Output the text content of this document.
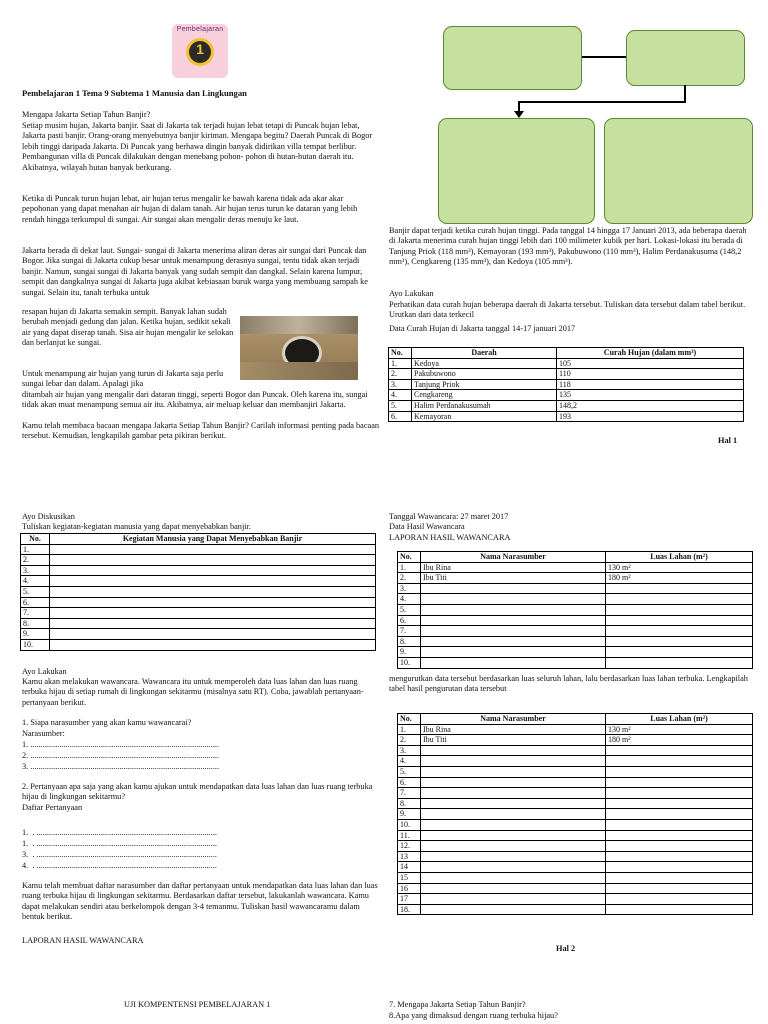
1
Pembelajaran

Pembelajaran 1 Tema 9 Subtema 1 Manusia dan Lingkungan

Mengapa Jakarta Setiap Tahun Banjir?

Setiap musim hujan, Jakarta banjir. Saat di Jakarta tak terjadi hujan lebat tetapi di Puncak hujan lebat, Jakarta pasti banjir. Orang-orang menyebutnya banjir kiriman. Mengapa begitu? Daerah Puncak di Bogor lebih tinggi daripada Jakarta. Di Puncak yang berhawa dingin banyak didirikan villa tempat berlibur. Pembangunan villa di Puncak dilakukan dengan menebang pohon- pohon di hutan-hutan daerah itu. Akibatnya, wilayah hutan banyak berkurang.

Ketika di Puncak turun hujan lebat, air hujan terus mengalir ke bawah karena tidak ada akar akar pepohonan yang dapat menahan air hujan di dalam tanah. Air hujan terus turun ke dataran yang lebih rendah hingga terkumpul di sungai. Air sungai akan mengalir deras menuju ke laut.

Jakarta berada di dekat laut. Sungai- sungai di Jakarta menerima aliran deras air sungai dari Puncak dan Bogor. Jika sungai di Jakarta cukup besar untuk menampung derasnya sungai, tentu tidak akan terjadi banjir. Namun, sungai sungai di Jakarta banyak yang sudah sempit dan dangkal. Selain karena lumpur, sempit dan dangkalnya sungai di Jakarta juga akibat kebiasaan buruk warga yang membuang sampah ke sungai. Selain itu, tanah terbuka untuk

resapan hujan di Jakarta semakin sempit. Banyak lahan sudah berubah menjadi gedung dan jalan. Ketika hujan, sedikit sekali air yang dapat diserap tanah. Sisa air hujan mengalir ke selokan dan berlanjut ke sungai.

Untuk menampung air hujan yang turun di Jakarta saja perlu sungai lebar dan dalam. Apalagi jika

ditambah air hujan yang mengalir dari dataran tinggi, seperti Bogor dan Puncak. Oleh karena itu, sungai tidak akan muat menampung semua air itu. Akibatnya, air meluap keluar dan membanjiri Jakarta.

Kamu telah membaca bacaan mengapa Jakarta Setiap Tahun Banjir? Carilah informasi penting pada bacaan tersebut. Kemudian, lengkapilah gambar peta pikiran berikut.

Banjir dapat terjadi ketika curah hujan tinggi. Pada tanggal 14 hingga 17 Januari 2013, ada beberapa daerah di Jakarta menerima curah hujan tinggi lebih dari 100 milimeter kubik per hari. Lokasi-lokasi itu berada di Tanjung Priok (118 mm³), Kemayoran (193 mm³), Pakubuwono (110 mm³), Halim Perdanakusuma (148,2 mm³), Cengkareng (135 mm³), dan Kedoya (105 mm³).

Ayo Lakukan

Perhatikan data curah hujan beberapa daerah di Jakarta tersebut. Tuliskan data tersebut dalam tabel berikut. Urutkan dari data terkecil

Data Curah Hujan di Jakarta tanggal 14-17 januari 2017

No.	Daerah	Curah Hujan (dalam mm³)
1.	Kedoya	105
2.	Pakubuwono	110
3.	Tanjung Priok	118
4.	Cengkareng	135
5.	Halim Perdanakusumah	148,2
6.	Kemayoran	193

Hal 1

Ayo Diskusikan

Tuliskan kegiatan-kegiatan manusia yang dapat menyebabkan banjir.

No.	Kegiatan Manusia yang Dapat Menyebabkan Banjir
1.	
2.	
3.	
4.	
5.	
6.	
7.	
8.	
9.	
10.	

Ayo Lakukan

Kamu akan melakukan wawancara. Wawancara itu untuk memperoleh data luas lahan dan luas ruang terbuka hijau di setiap rumah di lingkungan sekitarmu (misalnya satu RT). Coba, jawablah pertanyaan-pertanyaan berikut.

1. Siapa narasumber yang akan kamu wawancarai?

Narasumber:

1. ...........................................................................................

2. ...........................................................................................

3. ...........................................................................................

2. Pertanyaan apa saja yang akan kamu ajukan untuk mendapatkan data luas lahan dan luas ruang terbuka hijau di lingkungan sekitarmu?

Daftar Pertanyaan

1.  . .......................................................................................

1.  . .......................................................................................

3.  . .......................................................................................

4.  . .......................................................................................

Kamu telah membuat daftar narasumber dan daftar pertanyaan untuk mendapatkan data luas lahan dan luas ruang terbuka hijau di lingkungan sekitarmu. Berdasarkan daftar tersebut, lakukanlah wawancara. Kamu dapat melakukan sendiri atau berkelompok dengan 3-4 temanmu. Tuliskan hasil wawancaramu dalam bentuk berikut.

LAPORAN HASIL WAWANCARA

Tanggal Wawancara: 27 maret 2017

Data Hasil Wawancara

LAPORAN HASIL WAWANCARA

No.	Nama Narasumber	Luas Lahan (m²)
1.	Ibu Rina	130 m²
2.	Ibu Titi	180 m²
3.		
4.		
5.		
6.		
7.		
8.		
9.		
10.		

mengurutkan data tersebut berdasarkan luas seluruh lahan, lalu berdasarkan luas lahan terbuka. Lengkapilah tabel hasil pengurutan data tersebut

No.	Nama Narasumber	Luas Lahan (m²)
1.	Ibu Rina	130 m²
2.	Ibu Titi	180 m²
3.		
4.		
5.		
6.		
7.		
8.		
9.		
10.		
11.		
12.		
13		
14		
15		
16		
17		
18.		

Hal 2

UJI KOMPENTENSI PEMBELAJARAN 1	7. Mengapa Jakarta Setiap Tahun Banjir?

8.Apa yang dimaksud dengan ruang terbuka hijau?
